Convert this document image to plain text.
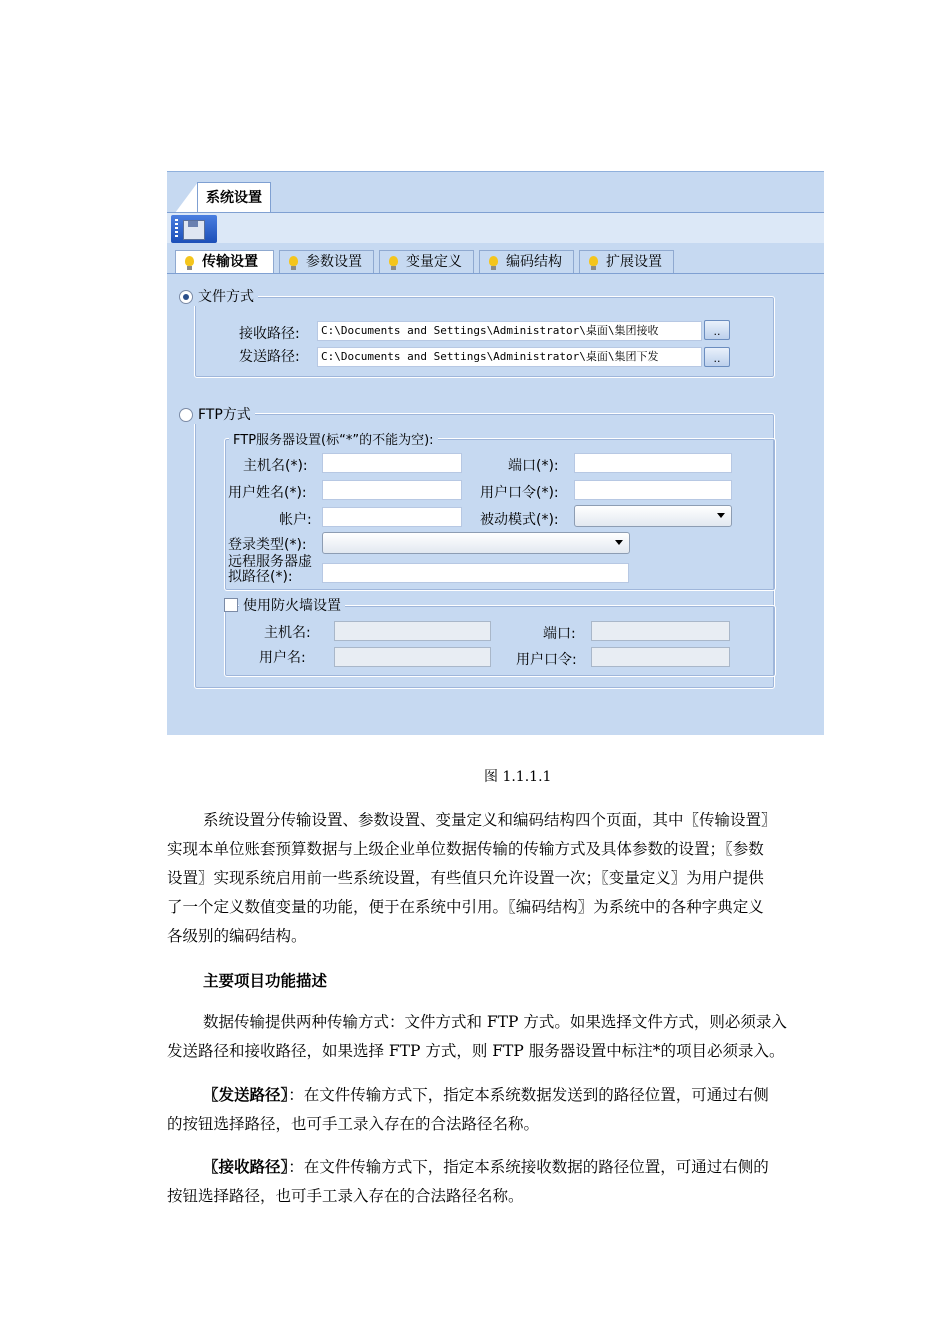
系统设置
传输设置	参数设置	变量定义	编码结构	扩展设置
文件方式
接收路径:	C:\Documents and Settings\Administrator\桌面\集团接收	..
发送路径:	C:\Documents and Settings\Administrator\桌面\集团下发	..
FTP方式
FTP服务器设置(标“*”的不能为空):
主机名(*):	端口(*):
用户姓名(*):	用户口令(*):
帐户:	被动模式(*):
登录类型(*):
远程服务器虚
拟路径(*):
使用防火墙设置
主机名:	端口:
用户名:	用户口令:
图 1.1.1.1
系统设置分传输设置、参数设置、变量定义和编码结构四个页面，其中〖传输设置〗
实现本单位账套预算数据与上级企业单位数据传输的传输方式及具体参数的设置；〖参数
设置〗实现系统启用前一些系统设置，有些值只允许设置一次；〖变量定义〗为用户提供
了一个定义数值变量的功能，便于在系统中引用。〖编码结构〗为系统中的各种字典定义
各级别的编码结构。
主要项目功能描述
数据传输提供两种传输方式：文件方式和 FTP 方式。如果选择文件方式，则必须录入
发送路径和接收路径，如果选择 FTP 方式，则 FTP 服务器设置中标注*的项目必须录入。
〖发送路径〗：在文件传输方式下，指定本系统数据发送到的路径位置，可通过右侧
的按钮选择路径，也可手工录入存在的合法路径名称。
〖接收路径〗：在文件传输方式下，指定本系统接收数据的路径位置，可通过右侧的
按钮选择路径，也可手工录入存在的合法路径名称。
